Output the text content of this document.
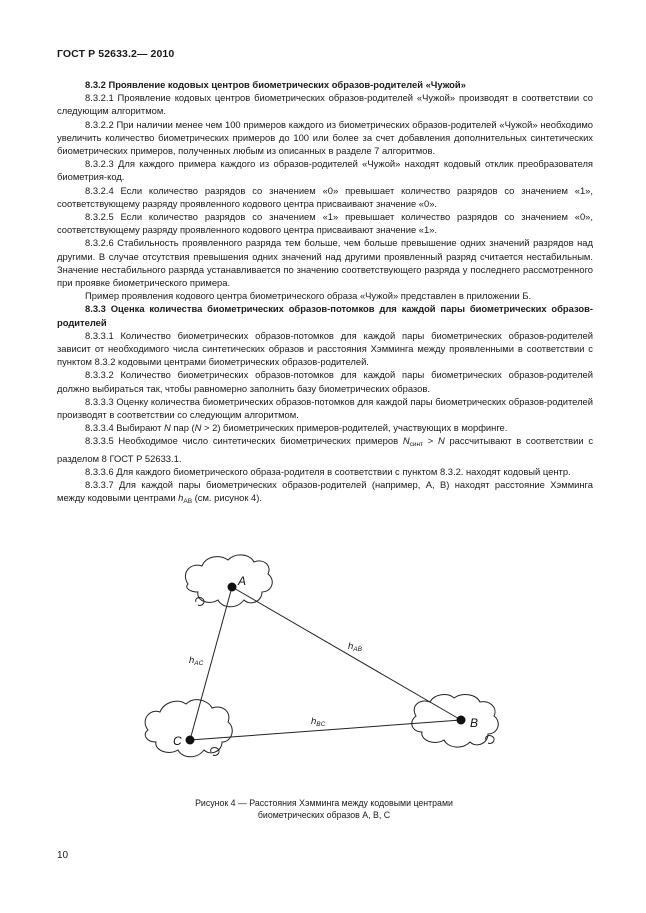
ГОСТ Р 52633.2— 2010

8.3.2 Проявление кодовых центров биометрических образов-родителей «Чужой»

8.3.2.1 Проявление кодовых центров биометрических образов-родителей «Чужой» производят в соответствии со следующим алгоритмом.

8.3.2.2 При наличии менее чем 100 примеров каждого из биометрических образов-родителей «Чужой» необходимо увеличить количество биометрических примеров до 100 или более за счет добавления дополнительных синтетических биометрических примеров, полученных любым из описанных в разделе 7 алгоритмов.

8.3.2.3 Для каждого примера каждого из образов-родителей «Чужой» находят кодовый отклик преобразователя биометрия-код.

8.3.2.4 Если количество разрядов со значением «0» превышает количество разрядов со значением «1», соответствующему разряду проявленного кодового центра присваивают значение «0».

8.3.2.5 Если количество разрядов со значением «1» превышает количество разрядов со значением «0», соответствующему разряду проявленного кодового центра присваивают значение «1».

8.3.2.6 Стабильность проявленного разряда тем больше, чем больше превышение одних значений разрядов над другими. В случае отсутствия превышения одних значений над другими проявленный разряд считается нестабильным. Значение нестабильного разряда устанавливается по значению соответствующего разряда у последнего рассмотренного при проявке биометрического примера.

Пример проявления кодового центра биометрического образа «Чужой» представлен в приложении Б.

8.3.3 Оценка количества биометрических образов-потомков для каждой пары биометрических образов-родителей

8.3.3.1 Количество биометрических образов-потомков для каждой пары биометрических образов-родителей зависит от необходимого числа синтетических образов и расстояния Хэмминга между проявленными в соответствии с пунктом 8.3.2 кодовыми центрами биометрических образов-родителей.

8.3.3.2 Количество биометрических образов-потомков для каждой пары биометрических образов-родителей должно выбираться так, чтобы равномерно заполнить базу биометрических образов.

8.3.3.3 Оценку количества биометрических образов-потомков для каждой пары биометрических образов-родителей производят в соответствии со следующим алгоритмом.

8.3.3.4 Выбирают N пар (N > 2) биометрических примеров-родителей, участвующих в морфинге.

8.3.3.5 Необходимое число синтетических биометрических примеров $N_{синт} > N$ рассчитывают в соответствии с разделом 8 ГОСТ Р 52633.1.

8.3.3.6 Для каждого биометрического образа-родителя в соответствии с пунктом 8.3.2. находят кодовый центр.

8.3.3.7 Для каждой пары биометрических образов-родителей (например, A, B) находят расстояние Хэмминга между кодовыми центрами $h_{AB}$ (см. рисунок 4).

A
B
C
$h_{AB}$
$h_{AC}$
$h_{BC}$
Рисунок 4 — Расстояния Хэмминга между кодовыми центрами
биометрических образов A, B, C
10
